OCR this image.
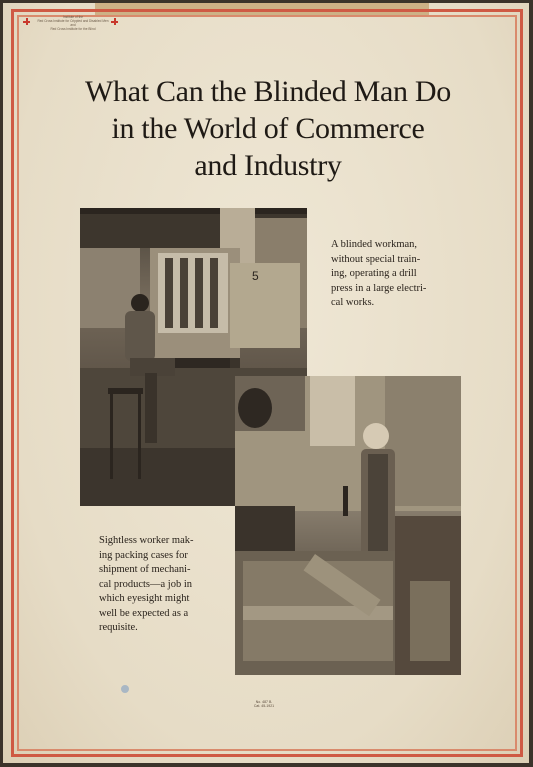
Institute of the
Red Cross Institute for Crippled and Disabled Men
and
Red Cross Institute for the Blind
What Can the Blinded Man Do
in the World of Commerce
and Industry
5
A blinded workman,
without special train-
ing, operating a drill
press in a large electri-
cal works.
Sightless worker mak-
ing packing cases for
shipment of mechani-
cal products—a job in
which eyesight might
well be expected as a
requisite.
No. 487 B.
Cat. 45-1921
